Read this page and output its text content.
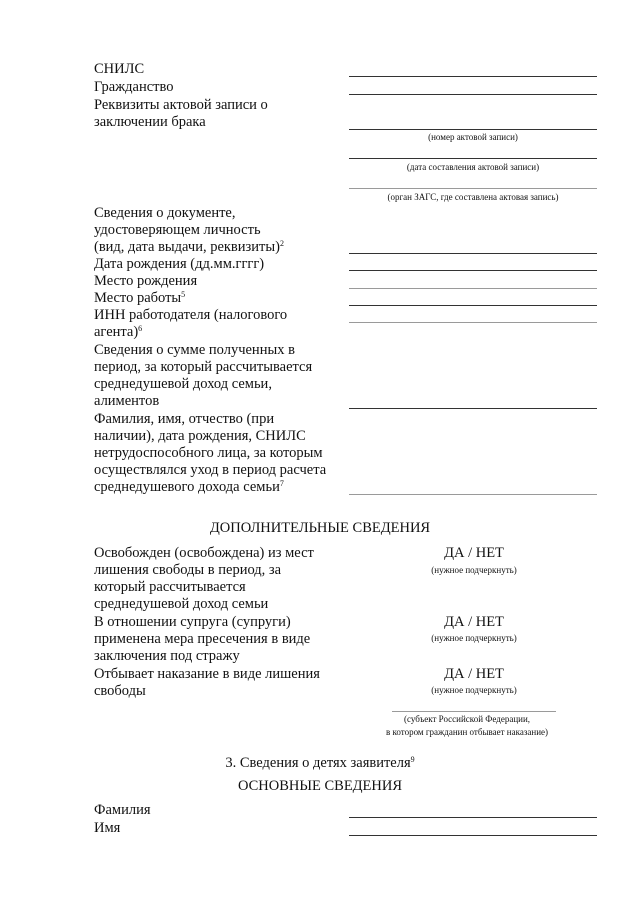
СНИЛС
Гражданство
Реквизиты актовой записи о
заключении брака
(номер актовой записи)
(дата составления актовой записи)
(орган ЗАГС, где составлена актовая запись)
Сведения о документе,
удостоверяющем личность
(вид, дата выдачи, реквизиты)$^2$
Дата рождения (дд.мм.гггг)
Место рождения
Место работы$^5$
ИНН работодателя (налогового
агента)$^6$
Сведения о сумме полученных в
период, за который рассчитывается
среднедушевой доход семьи,
алиментов
Фамилия, имя, отчество (при
наличии), дата рождения, СНИЛС
нетрудоспособного лица, за которым
осуществлялся уход в период расчета
среднедушевого дохода семьи$^7$
ДОПОЛНИТЕЛЬНЫЕ СВЕДЕНИЯ
Освобожден (освобождена) из мест
лишения свободы в период, за
который рассчитывается
среднедушевой доход семьи
ДА / НЕТ
(нужное подчеркнуть)
В отношении супруга (супруги)
применена мера пресечения в виде
заключения под стражу
ДА / НЕТ
(нужное подчеркнуть)
Отбывает наказание в виде лишения
свободы
ДА / НЕТ
(нужное подчеркнуть)
(субъект Российской Федерации,
в котором гражданин отбывает наказание)
3. Сведения о детях заявителя$^9$
ОСНОВНЫЕ СВЕДЕНИЯ
Фамилия
Имя
